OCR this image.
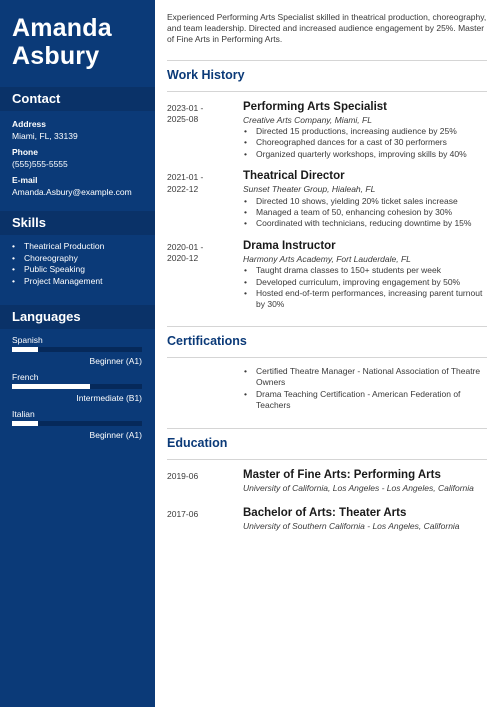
Amanda
Asbury
Contact
Address
Miami, FL, 33139
Phone
(555)555-5555
E-mail
Amanda.Asbury@example.com
Skills
• Theatrical Production
• Choreography
• Public Speaking
• Project Management
Languages
Spanish
Beginner (A1)
French
Intermediate (B1)
Italian
Beginner (A1)
Experienced Performing Arts Specialist skilled in theatrical production, choreography, and team leadership. Directed and increased audience engagement by 25%. Master of Fine Arts in Performing Arts.
Work History
2023-01 -
2025-08
Performing Arts Specialist
Creative Arts Company, Miami, FL
• Directed 15 productions, increasing audience by 25%
• Choreographed dances for a cast of 30 performers
• Organized quarterly workshops, improving skills by 40%
2021-01 -
2022-12
Theatrical Director
Sunset Theater Group, Hialeah, FL
• Directed 10 shows, yielding 20% ticket sales increase
• Managed a team of 50, enhancing cohesion by 30%
• Coordinated with technicians, reducing downtime by 15%
2020-01 -
2020-12
Drama Instructor
Harmony Arts Academy, Fort Lauderdale, FL
• Taught drama classes to 150+ students per week
• Developed curriculum, improving engagement by 50%
• Hosted end-of-term performances, increasing parent turnout by 30%
Certifications
• Certified Theatre Manager - National Association of Theatre Owners
• Drama Teaching Certification - American Federation of Teachers
Education
2019-06	Master of Fine Arts: Performing Arts
University of California, Los Angeles - Los Angeles, California
2017-06	Bachelor of Arts: Theater Arts
University of Southern California - Los Angeles, California
